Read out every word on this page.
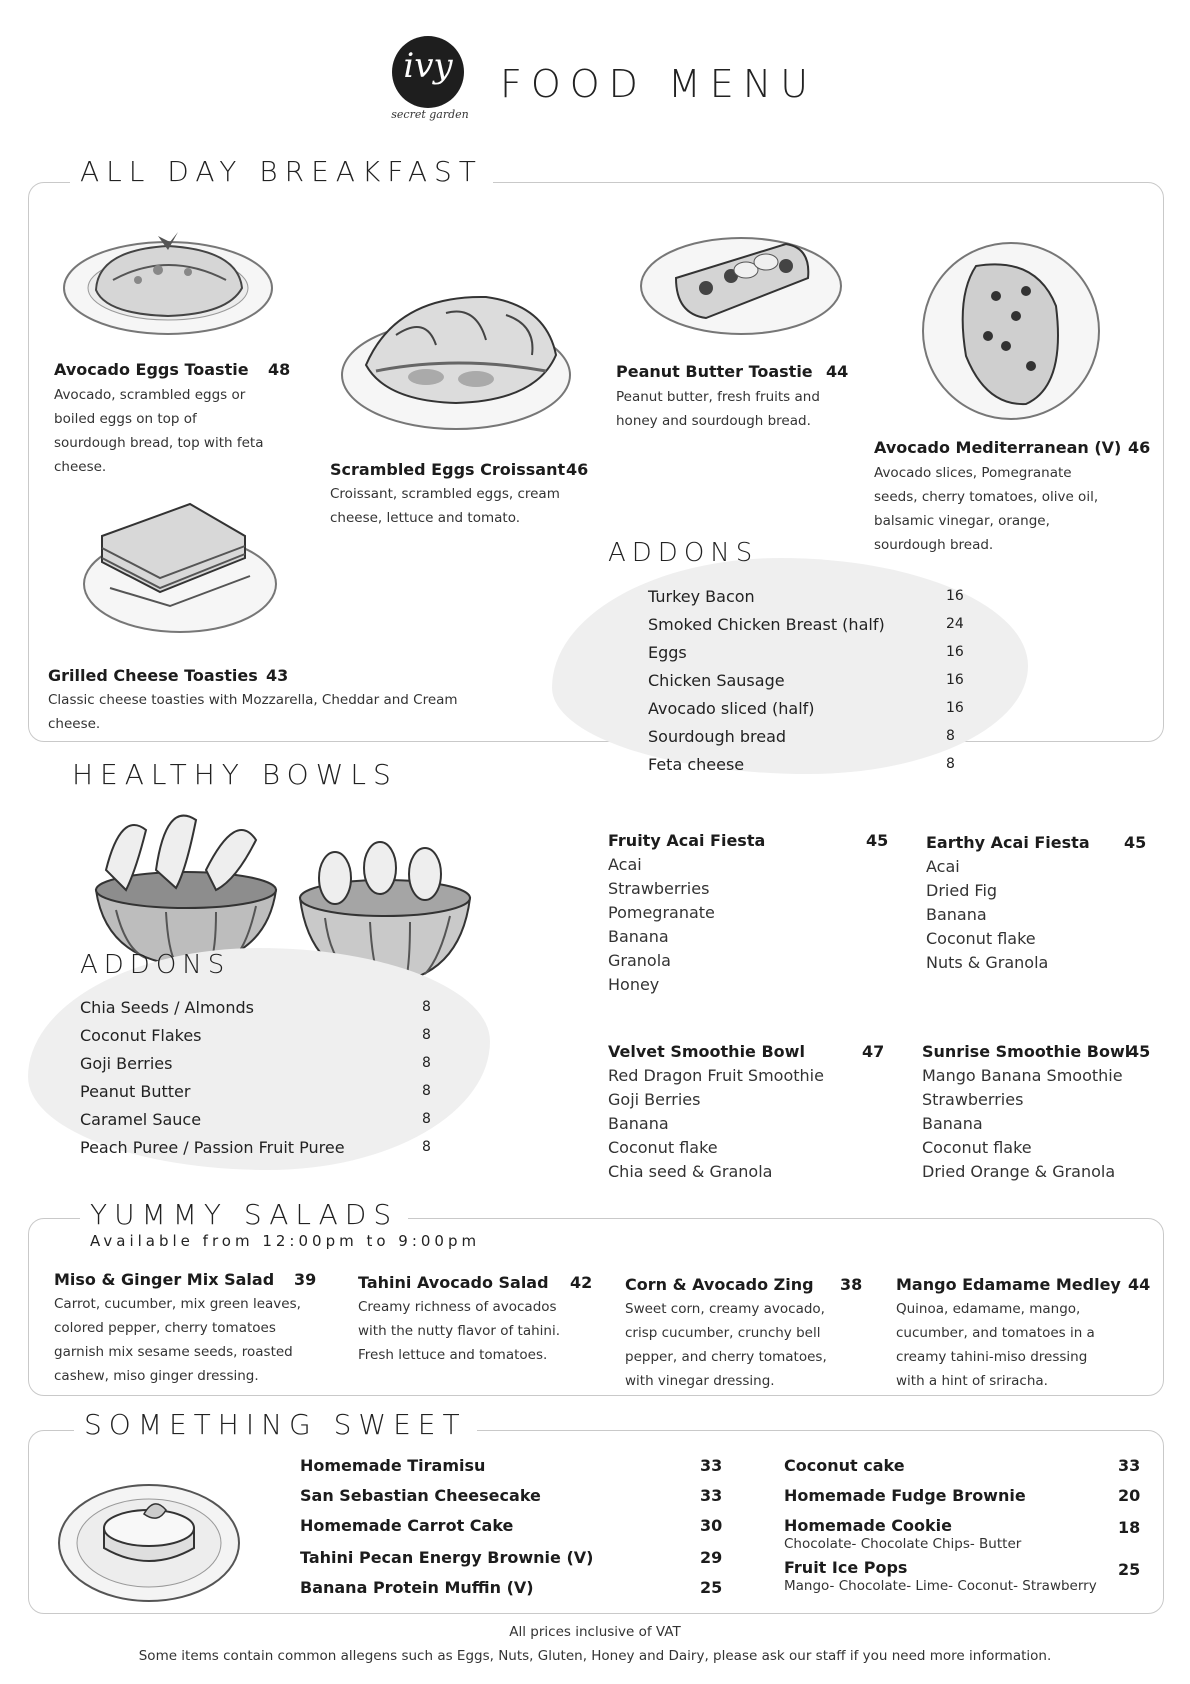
ivy
secret garden
FOOD MENU
ALL DAY BREAKFAST
Avocado Eggs Toastie 48
Avocado, scrambled eggs or boiled eggs on top of sourdough bread, top with feta cheese.	Scrambled Eggs Croissant 46
Croissant, scrambled eggs, cream cheese, lettuce and tomato.
Peanut Butter Toastie 44
Peanut butter, fresh fruits and honey and sourdough bread.
Avocado Mediterranean (V) 46
Avocado slices, Pomegranate seeds, cherry tomatoes, olive oil, balsamic vinegar, orange, sourdough bread.
Grilled Cheese Toasties 43
Classic cheese toasties with Mozzarella, Cheddar and Cream cheese.
ADDONS
Turkey Bacon	16
Smoked Chicken Breast (half)	24
Eggs	16
Chicken Sausage	16
Avocado sliced (half)	16
Sourdough bread	8
Feta cheese	8
HEALTHY BOWLS
ADDONS
Chia Seeds / Almonds	8
Coconut Flakes	8
Goji Berries	8
Peanut Butter	8
Caramel Sauce	8
Peach Puree / Passion Fruit Puree	8
Fruity Acai Fiesta	45
Acai
Strawberries
Pomegranate
Banana
Granola
Honey
Earthy Acai Fiesta 45
Acai
Dried Fig
Banana
Coconut flake
Nuts & Granola
Velvet Smoothie Bowl	47
Red Dragon Fruit Smoothie
Goji Berries
Banana
Coconut flake
Chia seed & Granola
Sunrise Smoothie Bowl
45
Mango Banana Smoothie
Strawberries
Banana
Coconut flake
Dried Orange & Granola
YUMMY SALADS
Available from 12:00pm to 9:00pm
Miso & Ginger Mix Salad 39
Carrot, cucumber, mix green leaves, colored pepper, cherry tomatoes garnish mix sesame seeds, roasted cashew, miso ginger dressing.
Tahini Avocado Salad 42
Creamy richness of avocados with the nutty flavor of tahini. Fresh lettuce and tomatoes.
Corn & Avocado Zing 38
Sweet corn, creamy avocado, crisp cucumber, crunchy bell pepper, and cherry tomatoes, with vinegar dressing.
Mango Edamame Medley 44
Quinoa, edamame, mango, cucumber, and tomatoes in a creamy tahini-miso dressing with a hint of sriracha.
SOMETHING SWEET
Homemade Tiramisu	33
San Sebastian Cheesecake	33
Homemade Carrot Cake	30
Tahini Pecan Energy Brownie (V)	29
Banana Protein Muffin (V)	25
Coconut cake	33
Homemade Fudge Brownie	20
Homemade Cookie	18
Chocolate- Chocolate Chips- Butter
Fruit Ice Pops	25
Mango- Chocolate- Lime- Coconut- Strawberry
All prices inclusive of VAT
Some items contain common allegens such as Eggs, Nuts, Gluten, Honey and Dairy, please ask our staff if you need more information.
